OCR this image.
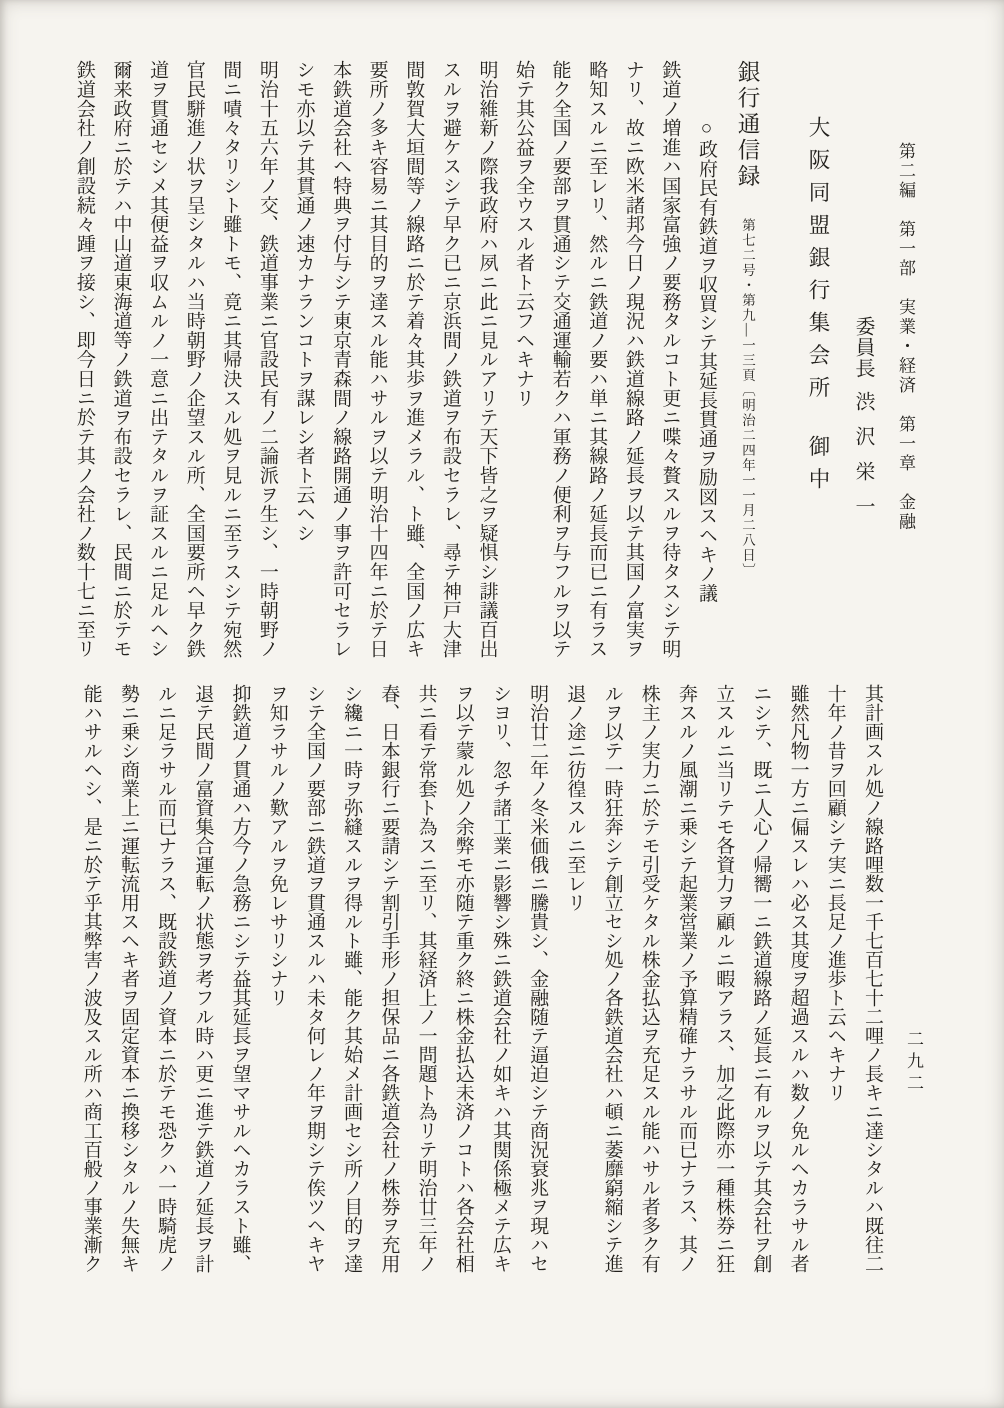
第二編　第一部　実業・経済　第一章　金融
大阪同盟銀行集会所御中
委員長渋沢栄一
銀行通信録第七二号・第九—一三頁〔明治二四年一一月二八日〕

○政府民有鉄道ヲ収買シテ其延長貫通ヲ励図スヘキノ議

鉄道ノ増進ハ国家富強ノ要務タルコト更ニ喋々贅スルヲ待タスシテ明

ナリ、故ニ欧米諸邦今日ノ現況ハ鉄道線路ノ延長ヲ以テ其国ノ富実ヲ

略知スルニ至レリ、然ルニ鉄道ノ要ハ単ニ其線路ノ延長而已ニ有ラス

能ク全国ノ要部ヲ貫通シテ交通運輸若クハ軍務ノ便利ヲ与フルヲ以テ

始テ其公益ヲ全ウスル者ト云フヘキナリ

明治維新ノ際我政府ハ夙ニ此ニ見ルアリテ天下皆之ヲ疑惧シ誹議百出

スルヲ避ケスシテ早ク已ニ京浜間ノ鉄道ヲ布設セラレ、尋テ神戸大津

間敦賀大垣間等ノ線路ニ於テ着々其歩ヲ進メラル、ト雖、全国ノ広キ

要所ノ多キ容易ニ其目的ヲ達スル能ハサルヲ以テ明治十四年ニ於テ日

本鉄道会社ヘ特典ヲ付与シテ東京青森間ノ線路開通ノ事ヲ許可セラレ

シモ亦以テ其貫通ノ速カナランコトヲ謀レシ者ト云ヘシ

明治十五六年ノ交、鉄道事業ニ官設民有ノ二論派ヲ生シ、一時朝野ノ

間ニ嘖々タリシト雖トモ、竟ニ其帰決スル処ヲ見ルニ至ラスシテ宛然

官民駢進ノ状ヲ呈シタルハ当時朝野ノ企望スル所、全国要所ヘ早ク鉄

道ヲ貫通セシメ其便益ヲ収ムルノ一意ニ出テタルヲ証スルニ足ルヘシ

爾来政府ニ於テハ中山道東海道等ノ鉄道ヲ布設セラレ、民間ニ於テモ

鉄道会社ノ創設続々踵ヲ接シ、即今日ニ於テ其ノ会社ノ数十七ニ至リ

其計画スル処ノ線路哩数一千七百七十二哩ノ長キニ達シタルハ既往二

十年ノ昔ヲ回顧シテ実ニ長足ノ進歩ト云ヘキナリ

雖然凡物一方ニ偏スレハ必ス其度ヲ超過スルハ数ノ免ルヘカラサル者

ニシテ、既ニ人心ノ帰嚮一ニ鉄道線路ノ延長ニ有ルヲ以テ其会社ヲ創

立スルニ当リテモ各資力ヲ顧ルニ暇アラス、加之此際亦一種株券ニ狂

奔スルノ風潮ニ乗シテ起業営業ノ予算精確ナラサル而已ナラス、其ノ

株主ノ実力ニ於テモ引受ケタル株金払込ヲ充足スル能ハサル者多ク有

ルヲ以テ一時狂奔シテ創立セシ処ノ各鉄道会社ハ頓ニ萎靡窮縮シテ進

退ノ途ニ彷徨スルニ至レリ

明治廿二年ノ冬米価俄ニ騰貴シ、金融随テ逼迫シテ商況衰兆ヲ現ハセ

シヨリ、忽チ諸工業ニ影響シ殊ニ鉄道会社ノ如キハ其関係極メテ広キ

ヲ以テ蒙ル処ノ余弊モ亦随テ重ク終ニ株金払込未済ノコトハ各会社相

共ニ看テ常套ト為スニ至リ、其経済上ノ一問題ト為リテ明治廿三年ノ

春、日本銀行ニ要請シテ割引手形ノ担保品ニ各鉄道会社ノ株券ヲ充用

シ纔ニ一時ヲ弥縫スルヲ得ルト雖、能ク其始メ計画セシ所ノ目的ヲ達

シテ全国ノ要部ニ鉄道ヲ貫通スルハ未タ何レノ年ヲ期シテ俟ツヘキヤ

ヲ知ラサルノ歎アルヲ免レサリシナリ

抑鉄道ノ貫通ハ方今ノ急務ニシテ益其延長ヲ望マサルヘカラスト雖、

退テ民間ノ富資集合運転ノ状態ヲ考フル時ハ更ニ進テ鉄道ノ延長ヲ計

ルニ足ラサル而已ナラス、既設鉄道ノ資本ニ於テモ恐クハ一時騎虎ノ

勢ニ乗シ商業上ニ運転流用スヘキ者ヲ固定資本ニ換移シタルノ失無キ

能ハサルヘシ、是ニ於テ乎其弊害ノ波及スル所ハ商工百般ノ事業漸ク	二九二
